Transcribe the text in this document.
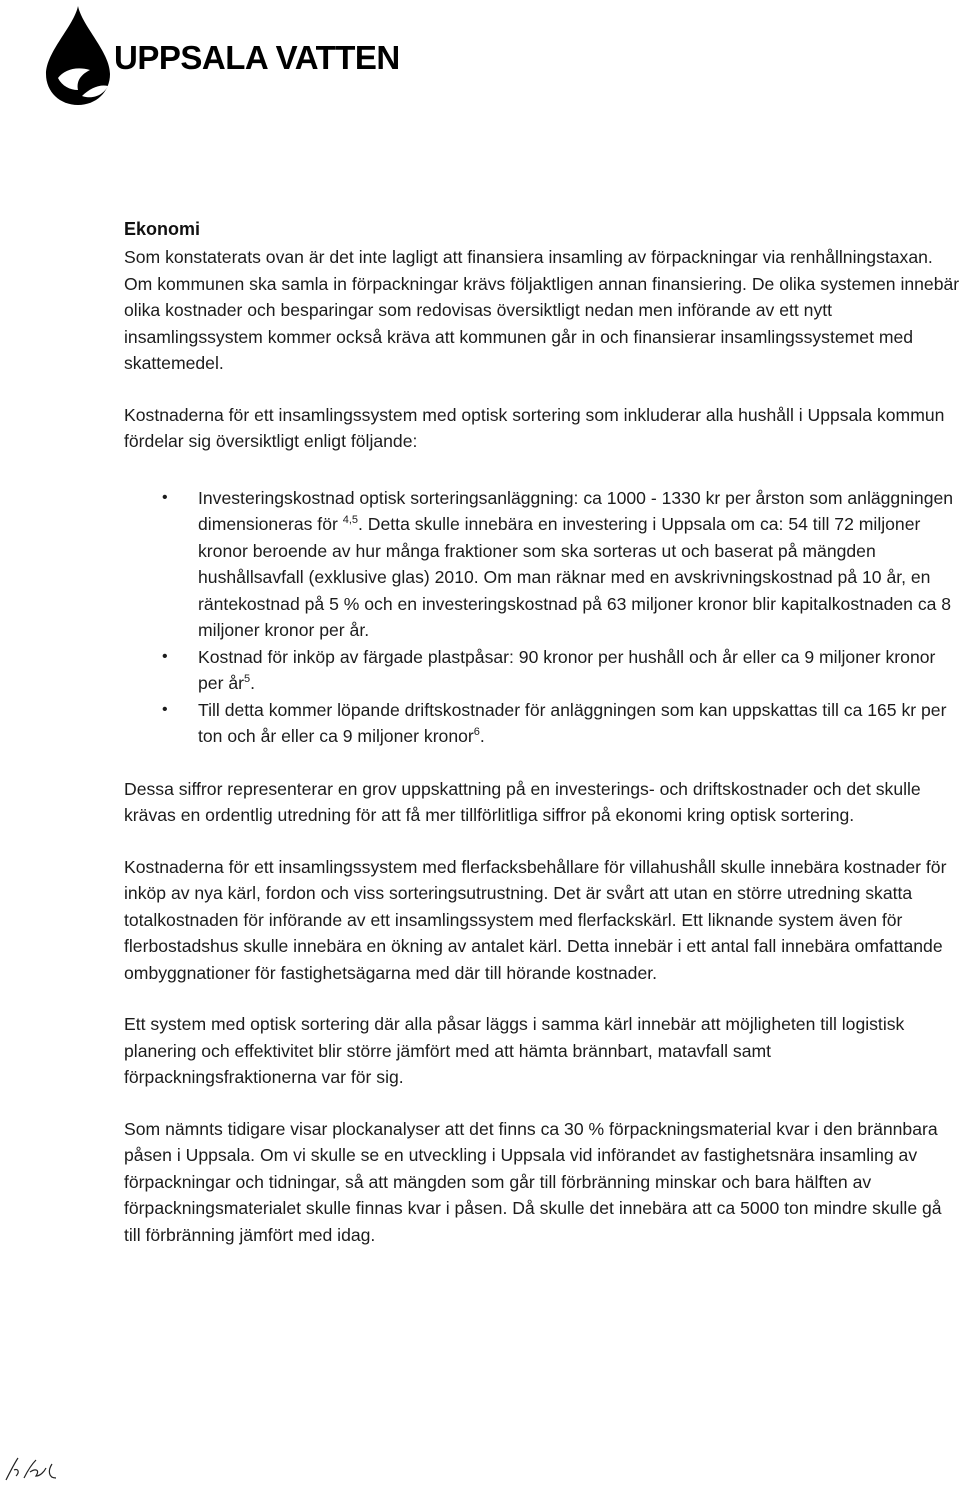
UPPSALA VATTEN
Ekonomi

Som konstaterats ovan är det inte lagligt att finansiera insamling av förpackningar via renhållningstaxan. Om kommunen ska samla in förpackningar krävs följaktligen annan finansiering. De olika systemen innebär olika kostnader och besparingar som redovisas översiktligt nedan men införande av ett nytt insamlingssystem kommer också kräva att kommunen går in och finansierar insamlingssystemet med skattemedel.

Kostnaderna för ett insamlingssystem med optisk sortering som inkluderar alla hushåll i Uppsala kommun fördelar sig översiktligt enligt följande:

• Investeringskostnad optisk sorteringsanläggning: ca 1000 - 1330 kr per årston som anläggningen dimensioneras för $^{4,5}$. Detta skulle innebära en investering i Uppsala om ca: 54 till 72 miljoner kronor beroende av hur många fraktioner som ska sorteras ut och baserat på mängden hushållsavfall (exklusive glas) 2010. Om man räknar med en avskrivningskostnad på 10 år, en räntekostnad på 5 % och en investeringskostnad på 63 miljoner kronor blir kapitalkostnaden ca 8 miljoner kronor per år.
• Kostnad för inköp av färgade plastpåsar: 90 kronor per hushåll och år eller ca 9 miljoner kronor per $år^5$.
• Till detta kommer löpande driftskostnader för anläggningen som kan uppskattas till ca 165 kr per ton och år eller ca 9 miljoner kronor$^6$.

Dessa siffror representerar en grov uppskattning på en investerings- och driftskostnader och det skulle krävas en ordentlig utredning för att få mer tillförlitliga siffror på ekonomi kring optisk sortering.

Kostnaderna för ett insamlingssystem med flerfacksbehållare för villahushåll skulle innebära kostnader för inköp av nya kärl, fordon och viss sorteringsutrustning. Det är svårt att utan en större utredning skatta totalkostnaden för införande av ett insamlingssystem med flerfackskärl. Ett liknande system även för flerbostadshus skulle innebära en ökning av antalet kärl. Detta innebär i ett antal fall innebära omfattande ombyggnationer för fastighetsägarna med där till hörande kostnader.

Ett system med optisk sortering där alla påsar läggs i samma kärl innebär att möjligheten till logistisk planering och effektivitet blir större jämfört med att hämta brännbart, matavfall samt förpackningsfraktionerna var för sig.

Som nämnts tidigare visar plockanalyser att det finns ca 30 % förpackningsmaterial kvar i den brännbara påsen i Uppsala. Om vi skulle se en utveckling i Uppsala vid införandet av fastighetsnära insamling av förpackningar och tidningar, så att mängden som går till förbränning minskar och bara hälften av förpackningsmaterialet skulle finnas kvar i påsen. Då skulle det innebära att ca 5000 ton mindre skulle gå till förbränning jämfört med idag.
